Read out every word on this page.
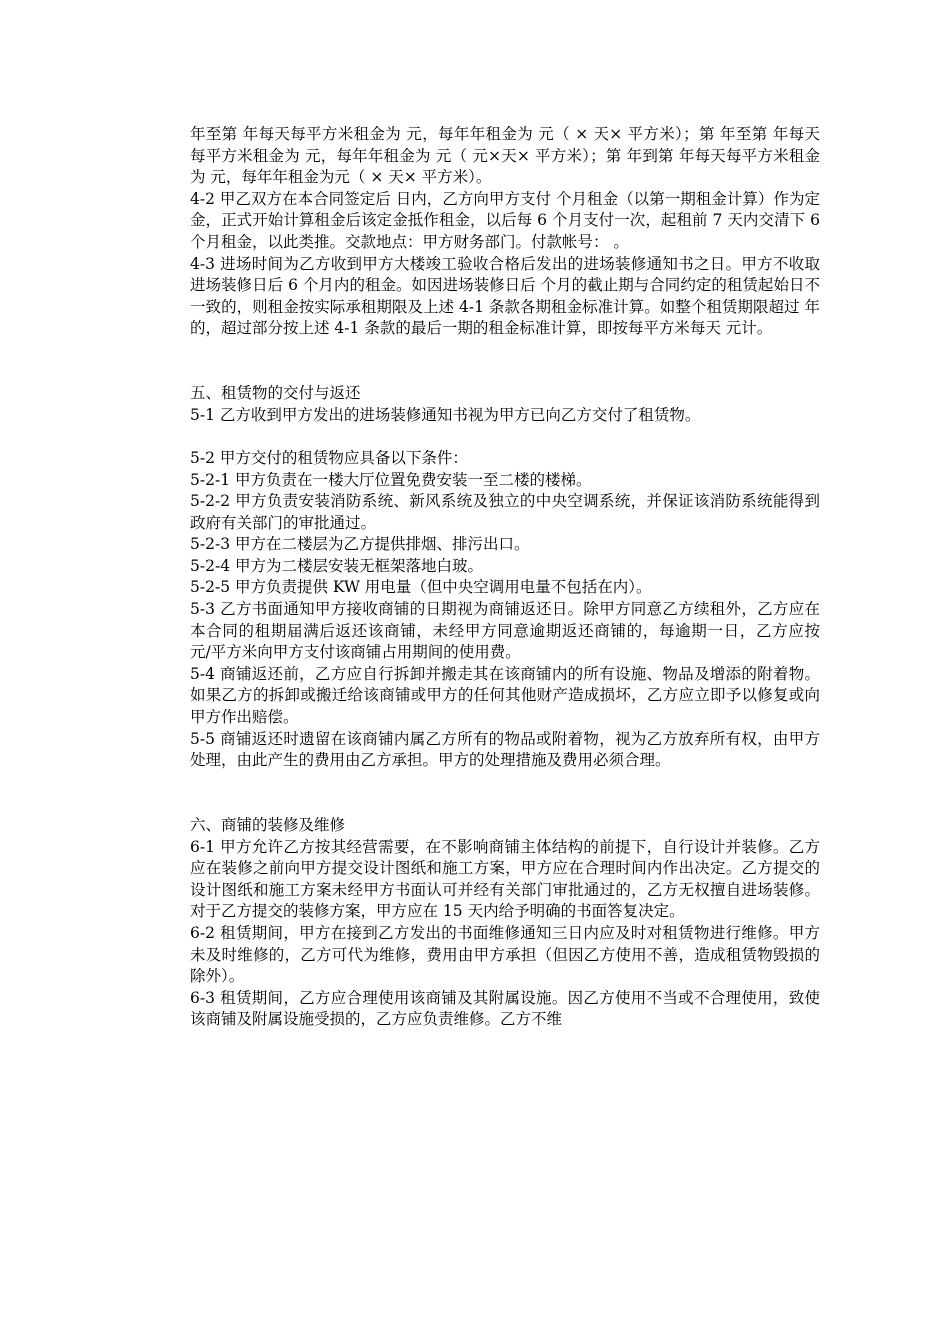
年至第 年每天每平方米租金为 元，每年年租金为 元（ × 天× 平方米）；第 年至第 年每天每平方米租金为 元，每年年租金为 元（ 元×天× 平方米）；第 年到第 年每天每平方米租金为 元，每年年租金为元（ × 天× 平方米）。

4-2 甲乙双方在本合同签定后 日内，乙方向甲方支付 个月租金（以第一期租金计算）作为定金，正式开始计算租金后该定金抵作租金，以后每 6 个月支付一次，起租前 7 天内交清下 6 个月租金，以此类推。交款地点：甲方财务部门。付款帐号： 。

4-3 进场时间为乙方收到甲方大楼竣工验收合格后发出的进场装修通知书之日。甲方不收取进场装修日后 6 个月内的租金。如因进场装修日后 个月的截止期与合同约定的租赁起始日不一致的，则租金按实际承租期限及上述 4-1 条款各期租金标准计算。如整个租赁期限超过 年的，超过部分按上述 4-1 条款的最后一期的租金标准计算，即按每平方米每天 元计。

五、租赁物的交付与返还

5-1 乙方收到甲方发出的进场装修通知书视为甲方已向乙方交付了租赁物。

5-2 甲方交付的租赁物应具备以下条件：

5-2-1 甲方负责在一楼大厅位置免费安装一至二楼的楼梯。

5-2-2 甲方负责安装消防系统、新风系统及独立的中央空调系统，并保证该消防系统能得到政府有关部门的审批通过。

5-2-3 甲方在二楼层为乙方提供排烟、排污出口。

5-2-4 甲方为二楼层安装无框架落地白玻。

5-2-5 甲方负责提供 KW 用电量（但中央空调用电量不包括在内）。

5-3 乙方书面通知甲方接收商铺的日期视为商铺返还日。除甲方同意乙方续租外，乙方应在本合同的租期届满后返还该商铺，未经甲方同意逾期返还商铺的，每逾期一日，乙方应按 元/平方米向甲方支付该商铺占用期间的使用费。

5-4 商铺返还前，乙方应自行拆卸并搬走其在该商铺内的所有设施、物品及增添的附着物。如果乙方的拆卸或搬迁给该商铺或甲方的任何其他财产造成损坏，乙方应立即予以修复或向甲方作出赔偿。

5-5 商铺返还时遗留在该商铺内属乙方所有的物品或附着物，视为乙方放弃所有权，由甲方处理，由此产生的费用由乙方承担。甲方的处理措施及费用必须合理。

六、商铺的装修及维修

6-1 甲方允许乙方按其经营需要，在不影响商铺主体结构的前提下，自行设计并装修。乙方应在装修之前向甲方提交设计图纸和施工方案，甲方应在合理时间内作出决定。乙方提交的设计图纸和施工方案未经甲方书面认可并经有关部门审批通过的，乙方无权擅自进场装修。对于乙方提交的装修方案，甲方应在 15 天内给予明确的书面答复决定。

6-2 租赁期间，甲方在接到乙方发出的书面维修通知三日内应及时对租赁物进行维修。甲方未及时维修的，乙方可代为维修，费用由甲方承担（但因乙方使用不善，造成租赁物毁损的除外）。

6-3 租赁期间，乙方应合理使用该商铺及其附属设施。因乙方使用不当或不合理使用，致使该商铺及附属设施受损的，乙方应负责维修。乙方不维
